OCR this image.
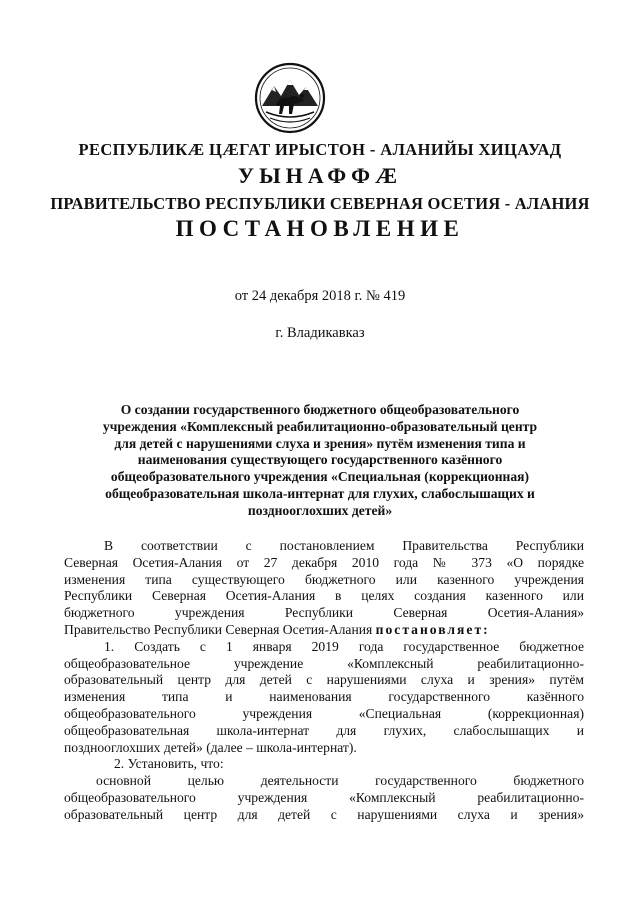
РЕСПУБЛИКӔ ЦӔГАТ ИРЫСТОН - АЛАНИЙЫ ХИЦАУАД
УЫНАФФӔ
ПРАВИТЕЛЬСТВО РЕСПУБЛИКИ СЕВЕРНАЯ ОСЕТИЯ - АЛАНИЯ
ПОСТАНОВЛЕНИЕ
от 24 декабря 2018 г. № 419
г. Владикавказ
О создании государственного бюджетного общеобразовательного
учреждения «Комплексный реабилитационно-образовательный центр
для детей с нарушениями слуха и зрения» путём изменения типа и
наименования существующего государственного казённого
общеобразовательного учреждения «Специальная (коррекционная)
общеобразовательная школа-интернат для глухих, слабослышащих и
позднооглохших детей»
В соответствии с постановлением Правительства Республики
Северная Осетия-Алания от 27 декабря 2010 года № 373 «О порядке
изменения типа существующего бюджетного или казенного учреждения
Республики Северная Осетия-Алания в целях создания казенного или
бюджетного учреждения Республики Северная Осетия-Алания»
Правительство Республики Северная Осетия-Алания постановляет:
1. Создать с 1 января 2019 года государственное бюджетное
общеобразовательное учреждение «Комплексный реабилитационно-
образовательный центр для детей с нарушениями слуха и зрения» путём
изменения типа и наименования государственного казённого
общеобразовательного учреждения «Специальная (коррекционная)
общеобразовательная школа-интернат для глухих, слабослышащих и
позднооглохших детей» (далее – школа-интернат).
2. Установить, что:
основной целью деятельности государственного бюджетного
общеобразовательного учреждения «Комплексный реабилитационно-
образовательный центр для детей с нарушениями слуха и зрения»
